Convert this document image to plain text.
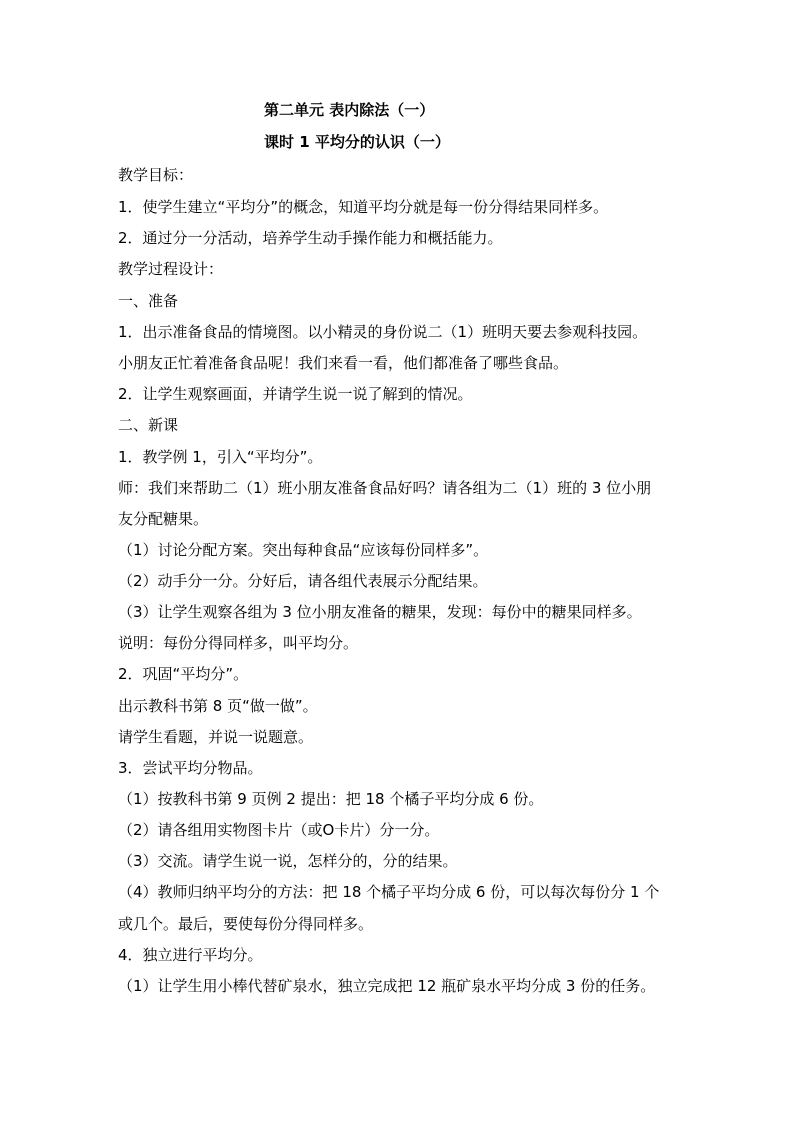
第二单元 表内除法（一）
课时 1 平均分的认识（一）
教学目标：
1．使学生建立“平均分”的概念，知道平均分就是每一份分得结果同样多。
2．通过分一分活动，培养学生动手操作能力和概括能力。
教学过程设计：
一、准备
1．出示准备食品的情境图。以小精灵的身份说二（1）班明天要去参观科技园。
小朋友正忙着准备食品呢！我们来看一看，他们都准备了哪些食品。
2．让学生观察画面，并请学生说一说了解到的情况。
二、新课
1．教学例 1，引入“平均分”。
师：我们来帮助二（1）班小朋友准备食品好吗？请各组为二（1）班的 3 位小朋
友分配糖果。
（1）讨论分配方案。突出每种食品“应该每份同样多”。
（2）动手分一分。分好后，请各组代表展示分配结果。
（3）让学生观察各组为 3 位小朋友准备的糖果，发现：每份中的糖果同样多。
说明：每份分得同样多，叫平均分。
2．巩固“平均分”。
出示教科书第 8 页“做一做”。
请学生看题，并说一说题意。
3．尝试平均分物品。
（1）按教科书第 9 页例 2 提出：把 18 个橘子平均分成 6 份。
（2）请各组用实物图卡片（或O卡片）分一分。
（3）交流。请学生说一说，怎样分的，分的结果。
（4）教师归纳平均分的方法：把 18 个橘子平均分成 6 份，可以每次每份分 1 个
或几个。最后，要使每份分得同样多。
4．独立进行平均分。
（1）让学生用小棒代替矿泉水，独立完成把 12 瓶矿泉水平均分成 3 份的任务。
